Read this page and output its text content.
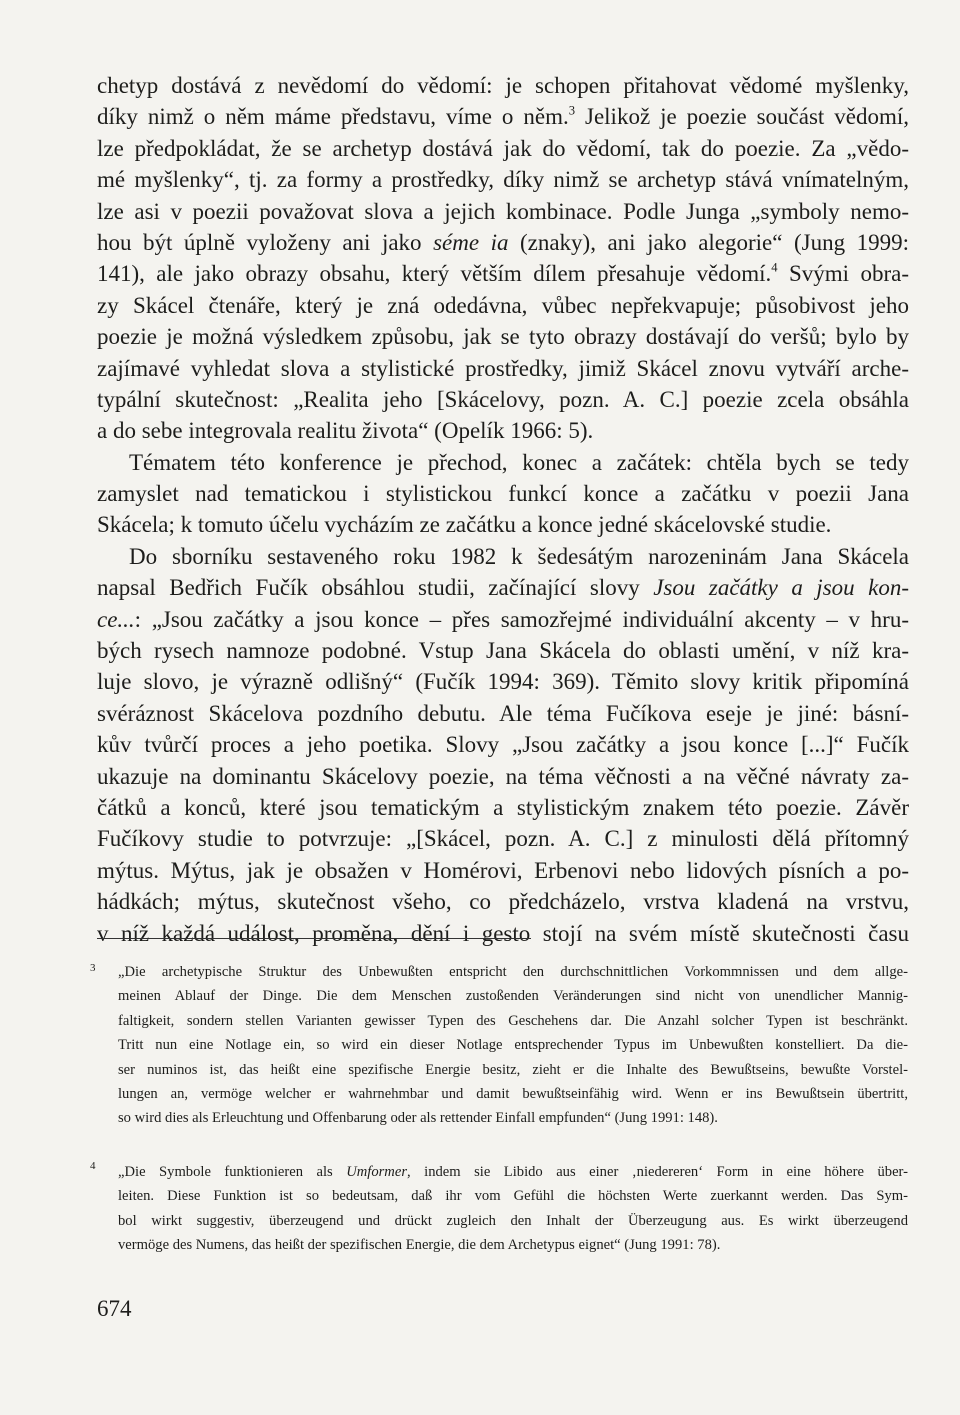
chetyp dostává z nevědomí do vědomí: je schopen přitahovat vědomé myšlenky,
díky nimž o něm máme představu, víme o něm.$^3$ Jelikož je poezie součást vědomí,
lze předpokládat, že se archetyp dostává jak do vědomí, tak do poezie. Za „vědo-
mé myšlenky“, tj. za formy a prostředky, díky nimž se archetyp stává vnímatelným,
lze asi v poezii považovat slova a jejich kombinace. Podle Junga „symboly nemo-
hou být úplně vyloženy ani jako séme ia (znaky), ani jako alegorie“ (Jung 1999:
141), ale jako obrazy obsahu, který větším dílem přesahuje vědomí.$^4$ Svými obra-
zy Skácel čtenáře, který je zná odedávna, vůbec nepřekvapuje; působivost jeho
poezie je možná výsledkem způsobu, jak se tyto obrazy dostávají do veršů; bylo by
zajímavé vyhledat slova a stylistické prostředky, jimiž Skácel znovu vytváří arche-
typální skutečnost: „Realita jeho [Skácelovy, pozn. A. C.] poezie zcela obsáhla
a do sebe integrovala realitu života“ (Opelík 1966: 5).
Tématem této konference je přechod, konec a začátek: chtěla bych se tedy
zamyslet nad tematickou i stylistickou funkcí konce a začátku v poezii Jana
Skácela; k tomuto účelu vycházím ze začátku a konce jedné skácelovské studie.
Do sborníku sestaveného roku 1982 k šedesátým narozeninám Jana Skácela
napsal Bedřich Fučík obsáhlou studii, začínající slovy Jsou začátky a jsou kon-
ce...: „Jsou začátky a jsou konce – přes samozřejmé individuální akcenty – v hru-
bých rysech namnoze podobné. Vstup Jana Skácela do oblasti umění, v níž kra-
luje slovo, je výrazně odlišný“ (Fučík 1994: 369). Těmito slovy kritik připomíná
svéráznost Skácelova pozdního debutu. Ale téma Fučíkova eseje je jiné: básní-
kův tvůrčí proces a jeho poetika. Slovy „Jsou začátky a jsou konce [...]“ Fučík
ukazuje na dominantu Skácelovy poezie, na téma věčnosti a na věčné návraty za-
čátků a konců, které jsou tematickým a stylistickým znakem této poezie. Závěr
Fučíkovy studie to potvrzuje: „[Skácel, pozn. A. C.] z minulosti dělá přítomný
mýtus. Mýtus, jak je obsažen v Homérovi, Erbenovi nebo lidových písních a po-
hádkách; mýtus, skutečnost všeho, co předcházelo, vrstva kladená na vrstvu,
v níž každá událost, proměna, dění i gesto stojí na svém místě skutečnosti času
3 „Die archetypische Struktur des Unbewußten entspricht den durchschnittlichen Vorkommnissen und dem allge-
meinen Ablauf der Dinge. Die dem Menschen zustoßenden Veränderungen sind nicht von unendlicher Mannig-
faltigkeit, sondern stellen Varianten gewisser Typen des Geschehens dar. Die Anzahl solcher Typen ist beschränkt.
Tritt nun eine Notlage ein, so wird ein dieser Notlage entsprechender Typus im Unbewußten konstelliert. Da die-
ser numinos ist, das heißt eine spezifische Energie besitz, zieht er die Inhalte des Bewußtseins, bewußte Vorstel-
lungen an, vermöge welcher er wahrnehmbar und damit bewußtseinfähig wird. Wenn er ins Bewußtsein übertritt,
so wird dies als Erleuchtung und Offenbarung oder als rettender Einfall empfunden“ (Jung 1991: 148).
4 „Die Symbole funktionieren als Umformer, indem sie Libido aus einer ‚niedereren‘ Form in eine höhere über-
leiten. Diese Funktion ist so bedeutsam, daß ihr vom Gefühl die höchsten Werte zuerkannt werden. Das Sym-
bol wirkt suggestiv, überzeugend und drückt zugleich den Inhalt der Überzeugung aus. Es wirkt überzeugend
vermöge des Numens, das heißt der spezifischen Energie, die dem Archetypus eignet“ (Jung 1991: 78).
674
